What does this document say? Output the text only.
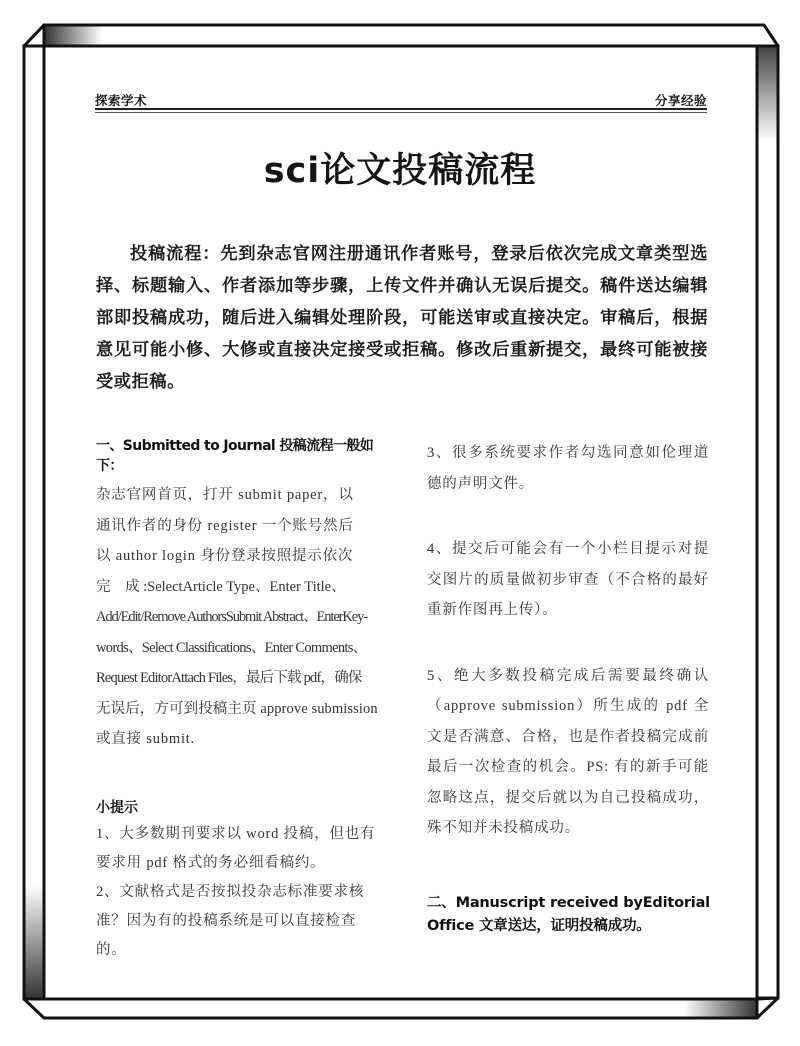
探索学术	分享经验
sci论文投稿流程

投稿流程：先到杂志官网注册通讯作者账号，登录后依次完成文章类型选择、标题输入、作者添加等步骤，上传文件并确认无误后提交。稿件送达编辑部即投稿成功，随后进入编辑处理阶段，可能送审或直接决定。审稿后，根据意见可能小修、大修或直接决定接受或拒稿。修改后重新提交，最终可能被接受或拒稿。

一、Submitted to Journal 投稿流程一般如下：
杂志官网首页，打开 submit paper，以
通讯作者的身份 register 一个账号然后
以 author login 身份登录按照提示依次
完　成 :SelectArticle Type、Enter Title、
Add/Edit/Remove AuthorsSubmit Abstract、EnterKey-
words、Select Classifications、Enter Comments、
Request EditorAttach Files，最后下载 pdf，确保
无误后，方可到投稿主页 approve submission
或直接 submit.
小提示
1、大多数期刊要求以 word 投稿，但也有要求用 pdf 格式的务必细看稿约。
2、文献格式是否按拟投杂志标准要求核准？因为有的投稿系统是可以直接检查的。

3、很多系统要求作者勾选同意如伦理道德的声明文件。

4、提交后可能会有一个小栏目提示对提交图片的质量做初步审查（不合格的最好重新作图再上传）。

5、绝大多数投稿完成后需要最终确认（approve submission）所生成的 pdf 全文是否满意、合格，也是作者投稿完成前最后一次检查的机会。PS: 有的新手可能忽略这点，提交后就以为自己投稿成功，殊不知并未投稿成功。

二、Manuscript received byEditorial Office 文章送达，证明投稿成功。
